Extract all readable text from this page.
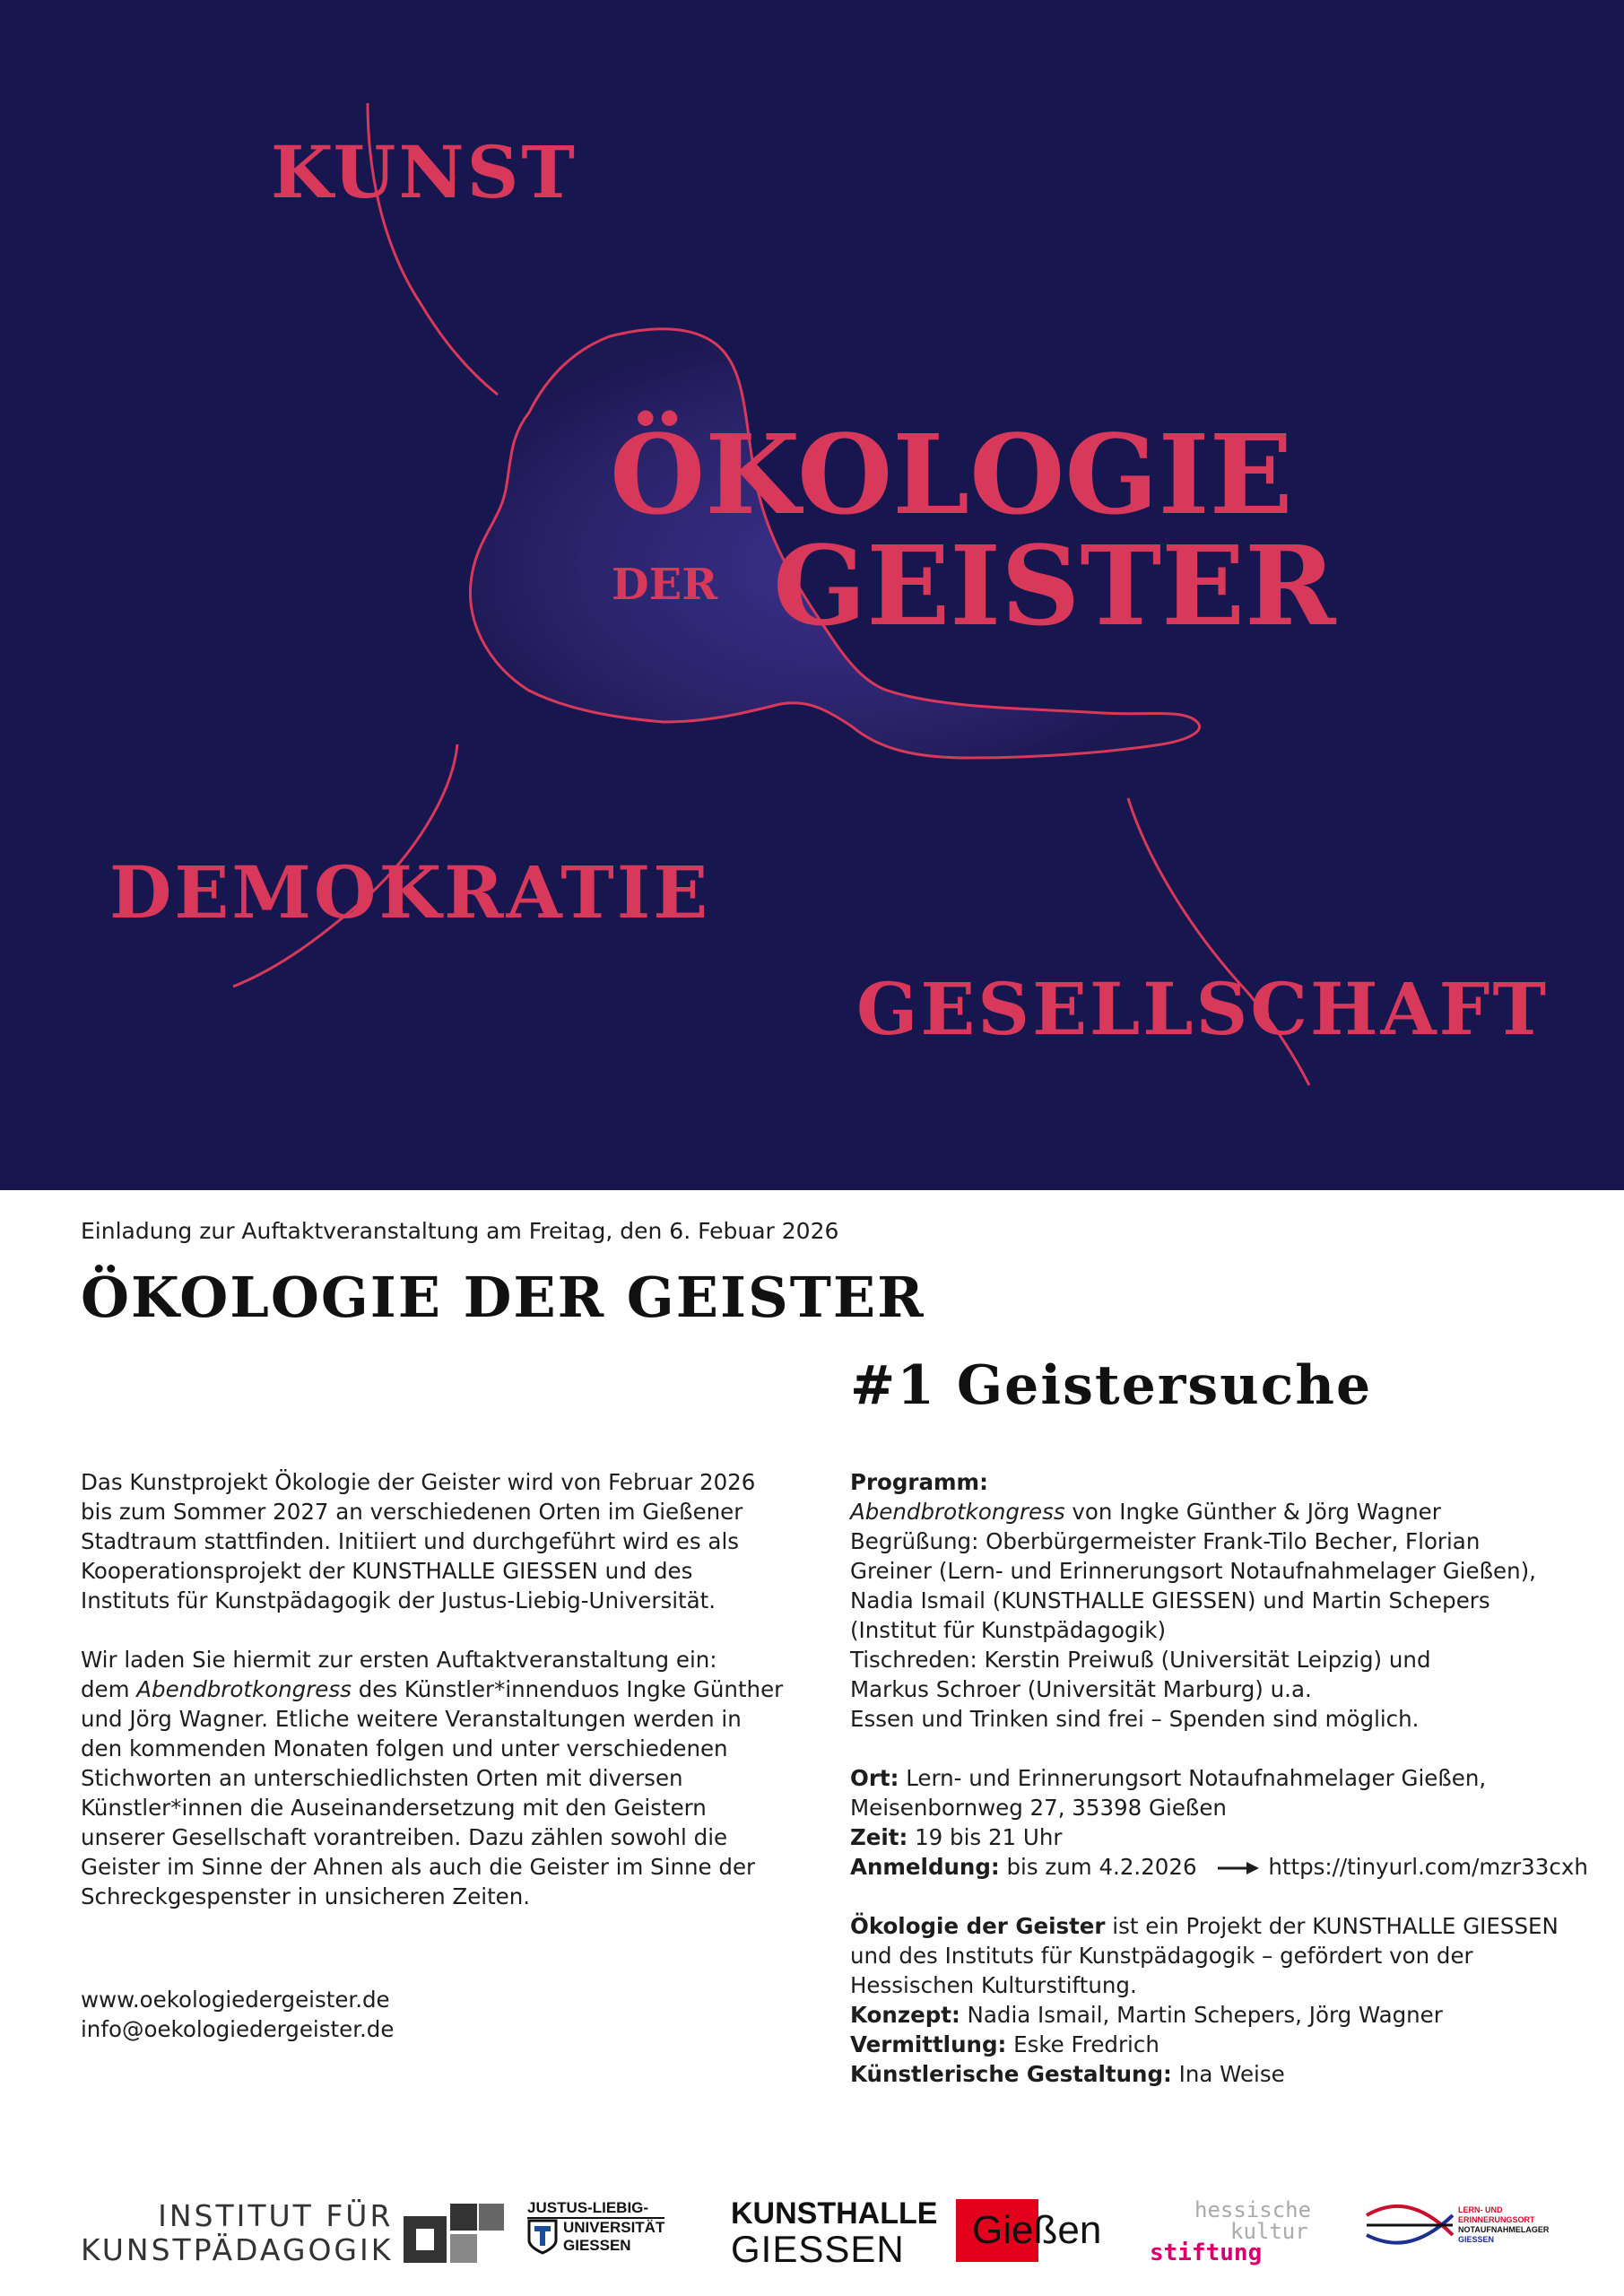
KUNST
DEMOKRATIE
GESELLSCHAFT
ÖKOLOGIE
DER GEISTER
Einladung zur Auftaktveranstaltung am Freitag, den 6. Febuar 2026
ÖKOLOGIE DER GEISTER
#1 Geistersuche

Das Kunstprojekt Ökologie der Geister wird von Februar 2026

bis zum Sommer 2027 an verschiedenen Orten im Gießener

Stadtraum stattfinden. Initiiert und durchgeführt wird es als

Kooperationsprojekt der KUNSTHALLE GIESSEN und des

Instituts für Kunstpädagogik der Justus-Liebig-Universität.

Wir laden Sie hiermit zur ersten Auftaktveranstaltung ein:

dem Abendbrotkongress des Künstler*innenduos Ingke Günther

und Jörg Wagner. Etliche weitere Veranstaltungen werden in

den kommenden Monaten folgen und unter verschiedenen

Stichworten an unterschiedlichsten Orten mit diversen

Künstler*innen die Auseinandersetzung mit den Geistern

unserer Gesellschaft vorantreiben. Dazu zählen sowohl die

Geister im Sinne der Ahnen als auch die Geister im Sinne der

Schreckgespenster in unsicheren Zeiten.

www.oekologiedergeister.de

info@oekologiedergeister.de

Programm:

Abendbrotkongress von Ingke Günther & Jörg Wagner

Begrüßung: Oberbürgermeister Frank-Tilo Becher, Florian

Greiner (Lern- und Erinnerungsort Notaufnahmelager Gießen),

Nadia Ismail (KUNSTHALLE GIESSEN) und Martin Schepers

(Institut für Kunstpädagogik)

Tischreden: Kerstin Preiwuß (Universität Leipzig) und

Markus Schroer (Universität Marburg) u.a.

Essen und Trinken sind frei – Spenden sind möglich.

Ort: Lern- und Erinnerungsort Notaufnahmelager Gießen,

Meisenbornweg 27, 35398 Gießen

Zeit: 19 bis 21 Uhr

Anmeldung: bis zum 4.2.2026	https://tinyurl.com/mzr33cxh

Ökologie der Geister ist ein Projekt der KUNSTHALLE GIESSEN

und des Instituts für Kunstpädagogik – gefördert von der

Hessischen Kulturstiftung.

Konzept: Nadia Ismail, Martin Schepers, Jörg Wagner

Vermittlung: Eske Fredrich

Künstlerische Gestaltung: Ina Weise

INSTITUT FÜR
KUNSTPÄDAGOGIK
JUSTUS-LIEBIG-
UNIVERSITÄT
GIESSEN
KUNSTHALLE
GIESSEN	Gießen	hessische
kultur
stiftung
LERN- UND
ERINNERUNGSORT
NOTAUFNAHMELAGER
GIESSEN
